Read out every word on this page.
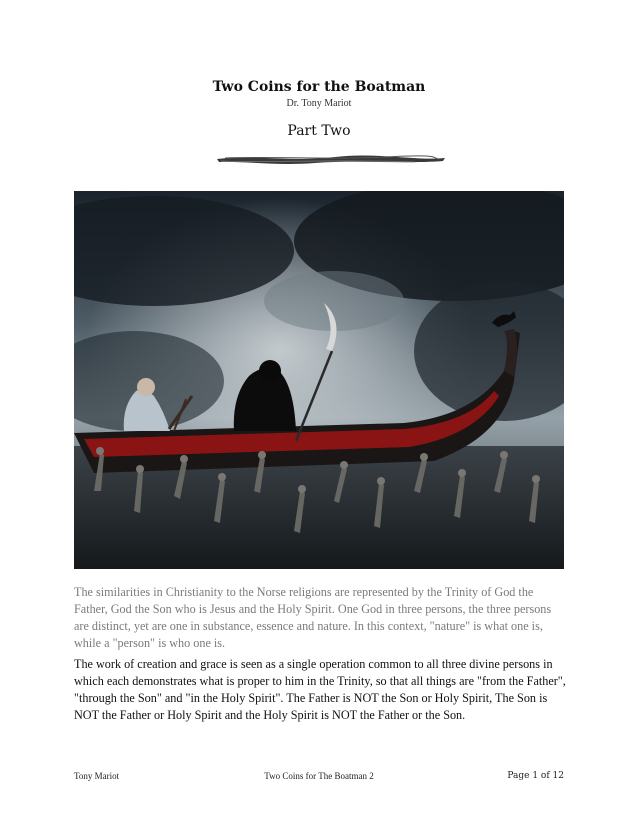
Two Coins for the Boatman
Dr. Tony Mariot
Part Two

The similarities in Christianity to the Norse religions are represented by the Trinity of God the Father, God the Son who is Jesus and the Holy Spirit. One God in three persons, the three persons are distinct, yet are one in substance, essence and nature. In this context, "nature" is what one is, while a "person" is who one is.

The work of creation and grace is seen as a single operation common to all three divine persons in which each demonstrates what is proper to him in the Trinity, so that all things are "from the Father", "through the Son" and "in the Holy Spirit". The Father is NOT the Son or Holy Spirit, The Son is NOT the Father or Holy Spirit and the Holy Spirit is NOT the Father or the Son.

Tony Mariot	Two Coins for The Boatman 2	Page 1 of 12
